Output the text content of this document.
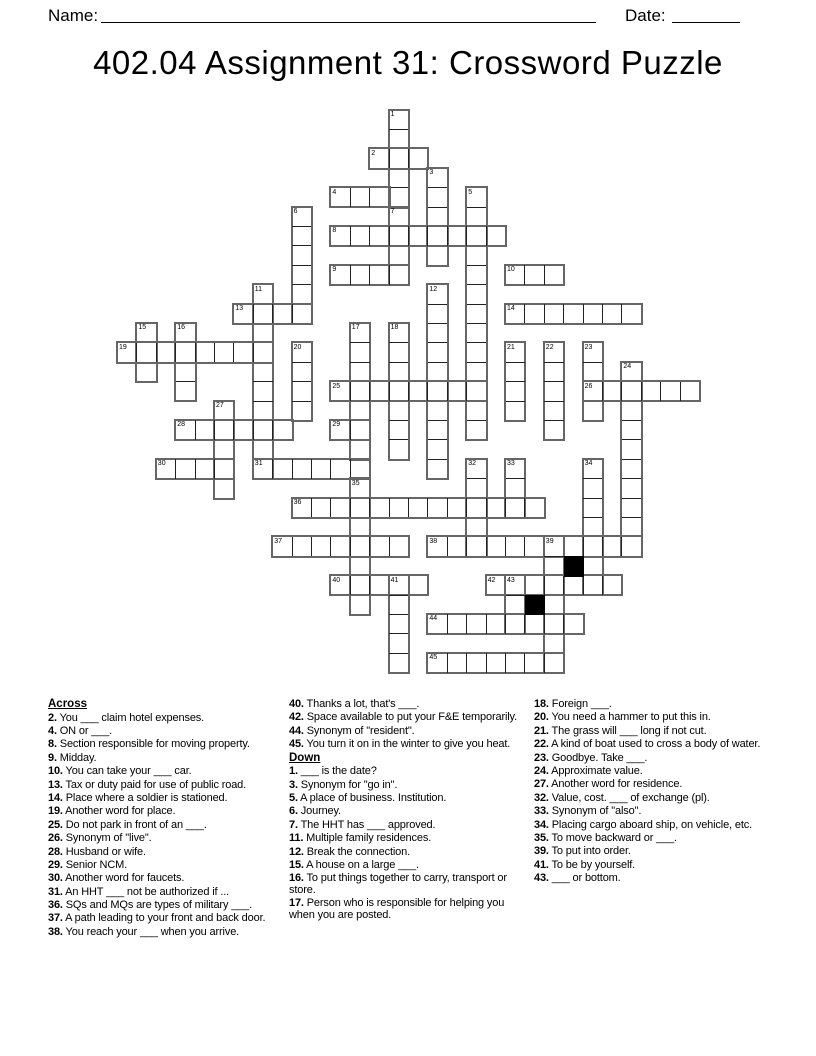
Name:	Date:
402.04 Assignment 31: Crossword Puzzle
1
2
3
4	5
6	7
8
9	10
11	12
13	14
15	16	17	18
19	20	21	22	23
24
25	26
27
28	29
30	31	32	33	34
35
36
37	38	39
40	41	42 43
44
45
Across
2. You ___ claim hotel expenses.
4. ON or ___.
8. Section responsible for moving property.
9. Midday.
10. You can take your ___ car.
13. Tax or duty paid for use of public road.
14. Place where a soldier is stationed.
19. Another word for place.
25. Do not park in front of an ___.
26. Synonym of "live".
28. Husband or wife.
29. Senior NCM.
30. Another word for faucets.
31. An HHT ___ not be authorized if ...
36. SQs and MQs are types of military ___.
37. A path leading to your front and back door.
38. You reach your ___ when you arrive.
40. Thanks a lot, that's ___.
42. Space available to put your F&E temporarily.
44. Synonym of "resident".
45. You turn it on in the winter to give you heat.
Down
1. ___ is the date?
3. Synonym for "go in".
5. A place of business. Institution.
6. Journey.
7. The HHT has ___ approved.
11. Multiple family residences.
12. Break the connection.
15. A house on a large ___.
16. To put things together to carry, transport or store.
17. Person who is responsible for helping you when you are posted.
18. Foreign ___.
20. You need a hammer to put this in.
21. The grass will ___ long if not cut.
22. A kind of boat used to cross a body of water.
23. Goodbye. Take ___.
24. Approximate value.
27. Another word for residence.
32. Value, cost. ___ of exchange (pl).
33. Synonym of "also".
34. Placing cargo aboard ship, on vehicle, etc.
35. To move backward or ___.
39. To put into order.
41. To be by yourself.
43. ___ or bottom.
